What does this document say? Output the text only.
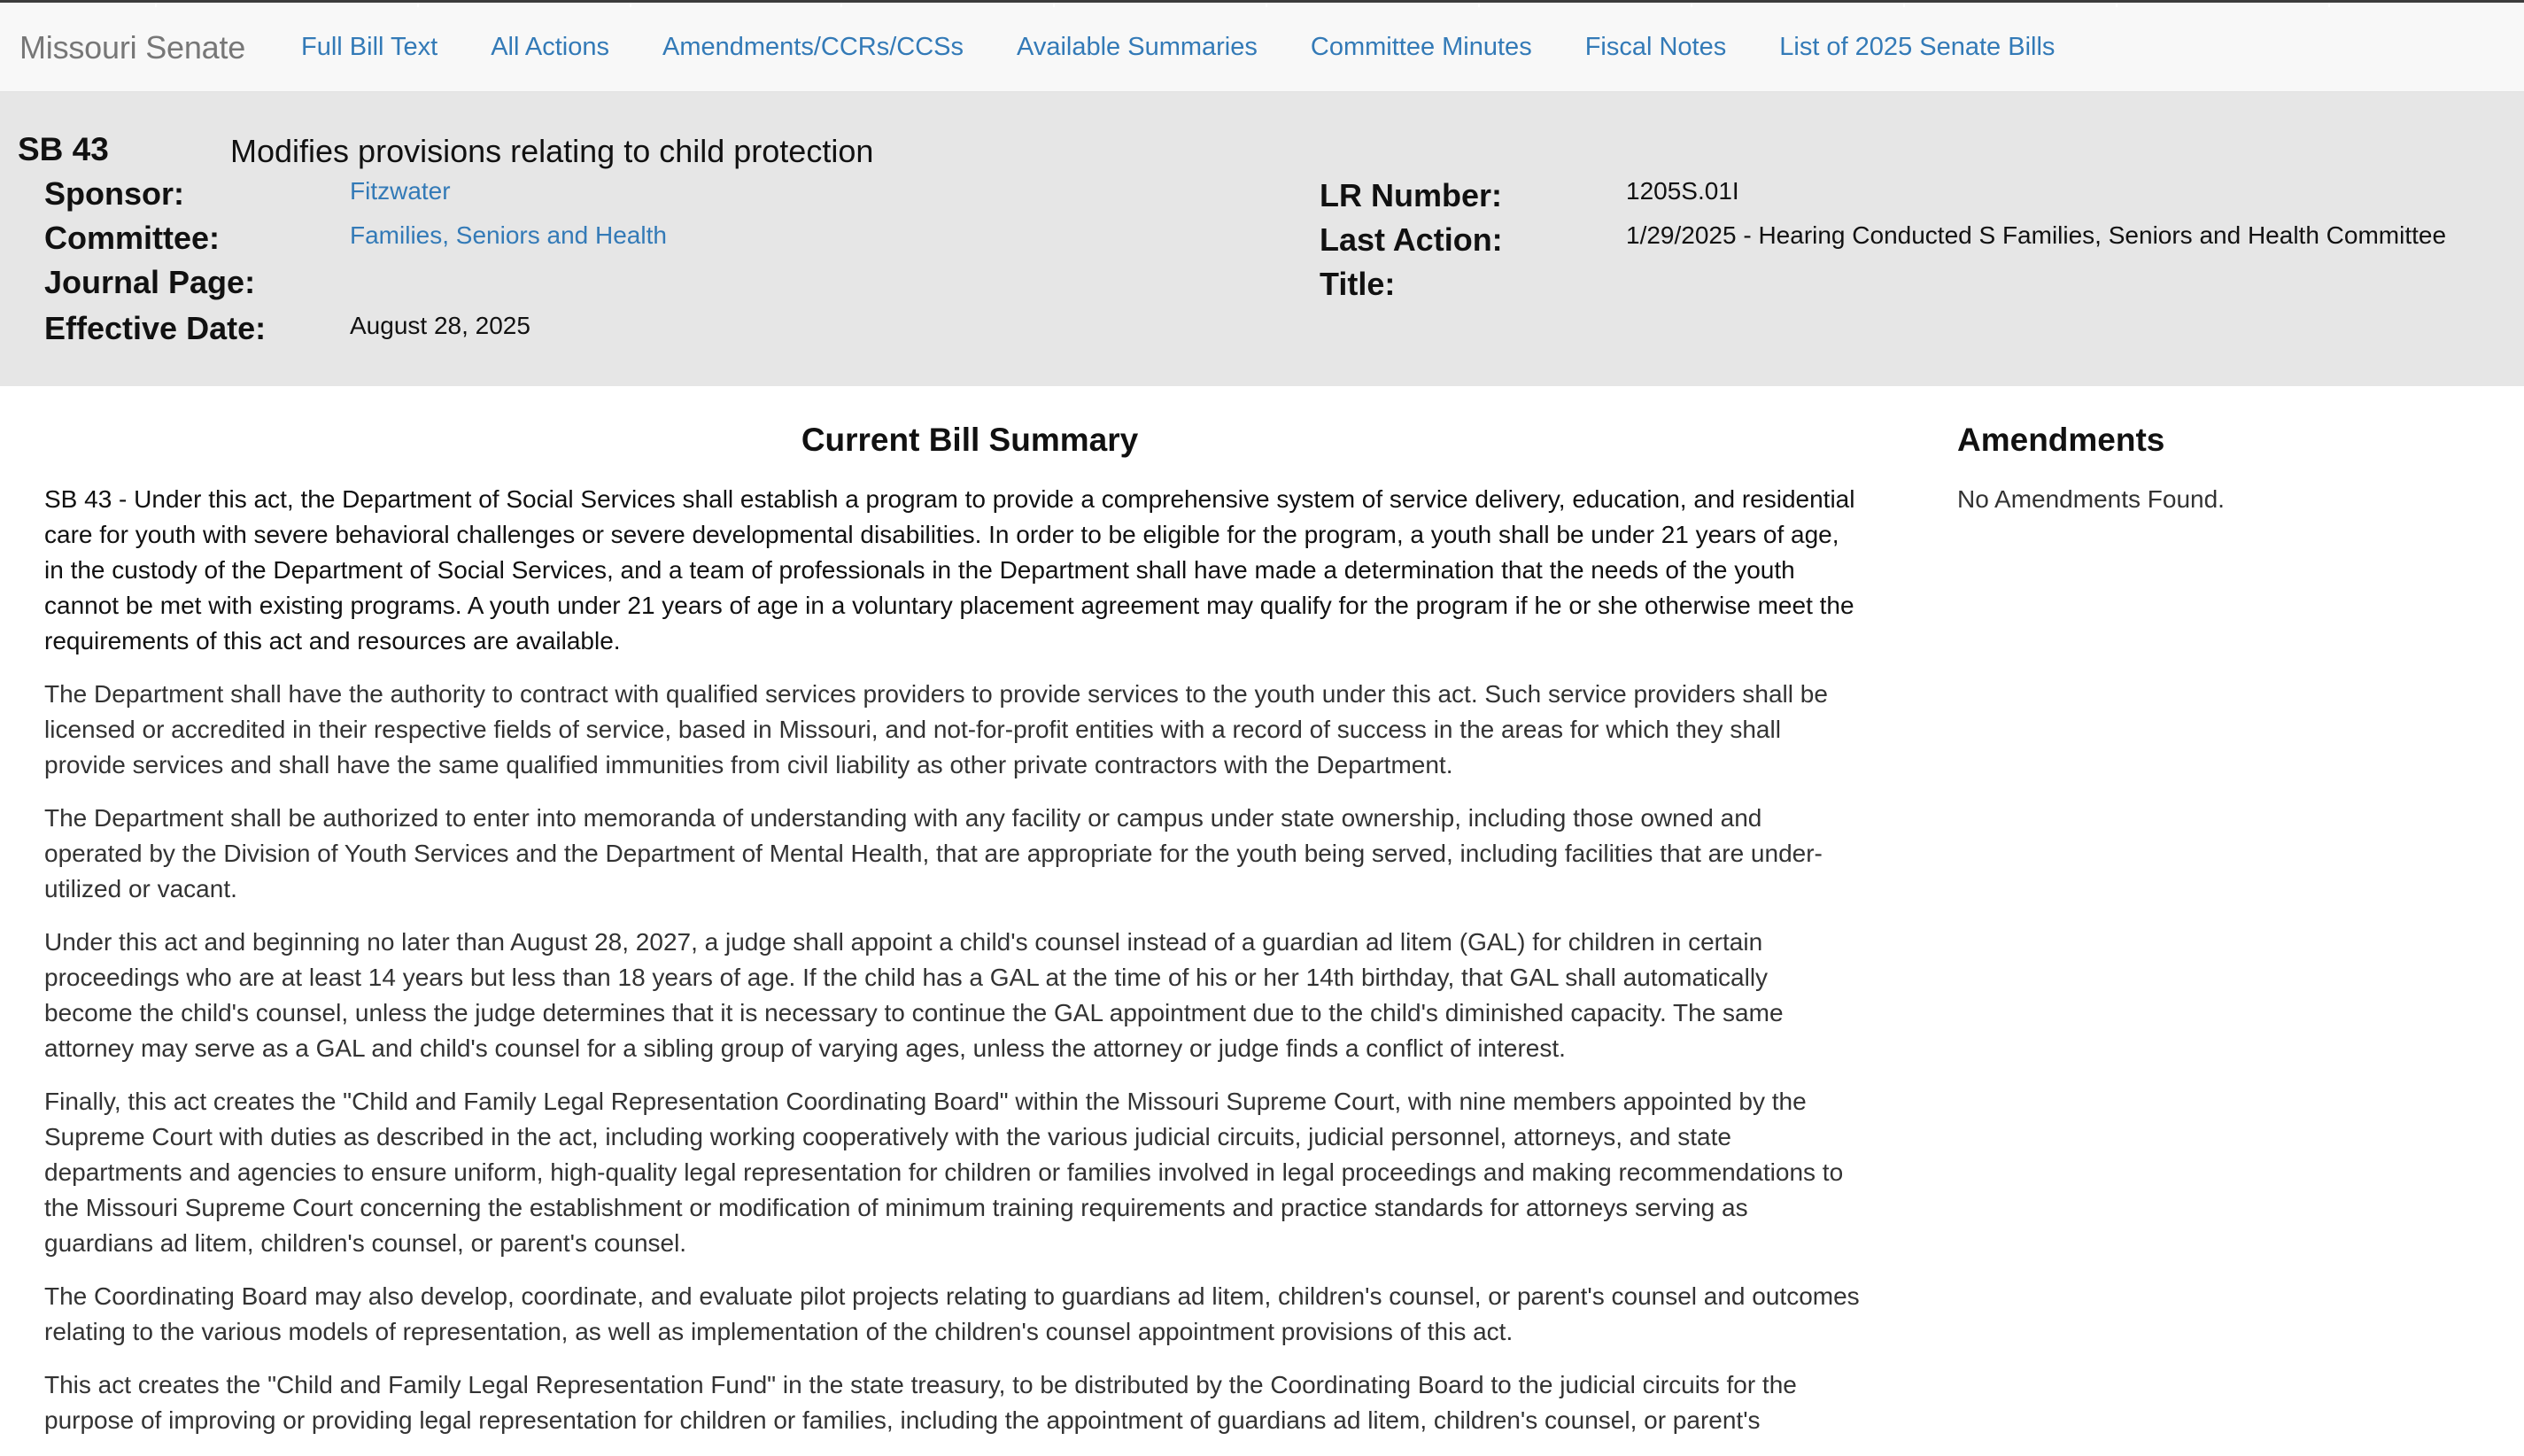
Missouri Senate Full Bill Text All Actions Amendments/CCRs/CCSs Available Summaries Committee Minutes Fiscal Notes List of 2025 Senate Bills
SB 43	Modifies provisions relating to child protection
Sponsor:	Fitzwater
Committee:	Families, Seniors and Health
Journal Page:
Effective Date:	August 28, 2025
LR Number:	1205S.01I
Last Action:	1/29/2025 - Hearing Conducted S Families, Seniors and Health Committee
Title:
Current Bill Summary

SB 43 - Under this act, the Department of Social Services shall establish a program to provide a comprehensive system of service delivery, education, and residential care for youth with severe behavioral challenges or severe developmental disabilities. In order to be eligible for the program, a youth shall be under 21 years of age, in the custody of the Department of Social Services, and a team of professionals in the Department shall have made a determination that the needs of the youth cannot be met with existing programs. A youth under 21 years of age in a voluntary placement agreement may qualify for the program if he or she otherwise meet the requirements of this act and resources are available.

The Department shall have the authority to contract with qualified services providers to provide services to the youth under this act. Such service providers shall be licensed or accredited in their respective fields of service, based in Missouri, and not-for-profit entities with a record of success in the areas for which they shall provide services and shall have the same qualified immunities from civil liability as other private contractors with the Department.

The Department shall be authorized to enter into memoranda of understanding with any facility or campus under state ownership, including those owned and operated by the Division of Youth Services and the Department of Mental Health, that are appropriate for the youth being served, including facilities that are under-utilized or vacant.

Under this act and beginning no later than August 28, 2027, a judge shall appoint a child's counsel instead of a guardian ad litem (GAL) for children in certain proceedings who are at least 14 years but less than 18 years of age. If the child has a GAL at the time of his or her 14th birthday, that GAL shall automatically become the child's counsel, unless the judge determines that it is necessary to continue the GAL appointment due to the child's diminished capacity. The same attorney may serve as a GAL and child's counsel for a sibling group of varying ages, unless the attorney or judge finds a conflict of interest.

Finally, this act creates the "Child and Family Legal Representation Coordinating Board" within the Missouri Supreme Court, with nine members appointed by the Supreme Court with duties as described in the act, including working cooperatively with the various judicial circuits, judicial personnel, attorneys, and state departments and agencies to ensure uniform, high-quality legal representation for children or families involved in legal proceedings and making recommendations to the Missouri Supreme Court concerning the establishment or modification of minimum training requirements and practice standards for attorneys serving as guardians ad litem, children's counsel, or parent's counsel.

The Coordinating Board may also develop, coordinate, and evaluate pilot projects relating to guardians ad litem, children's counsel, or parent's counsel and outcomes relating to the various models of representation, as well as implementation of the children's counsel appointment provisions of this act.

This act creates the "Child and Family Legal Representation Fund" in the state treasury, to be distributed by the Coordinating Board to the judicial circuits for the purpose of improving or providing legal representation for children or families, including the appointment of guardians ad litem, children's counsel, or parent's

Amendments

No Amendments Found.
